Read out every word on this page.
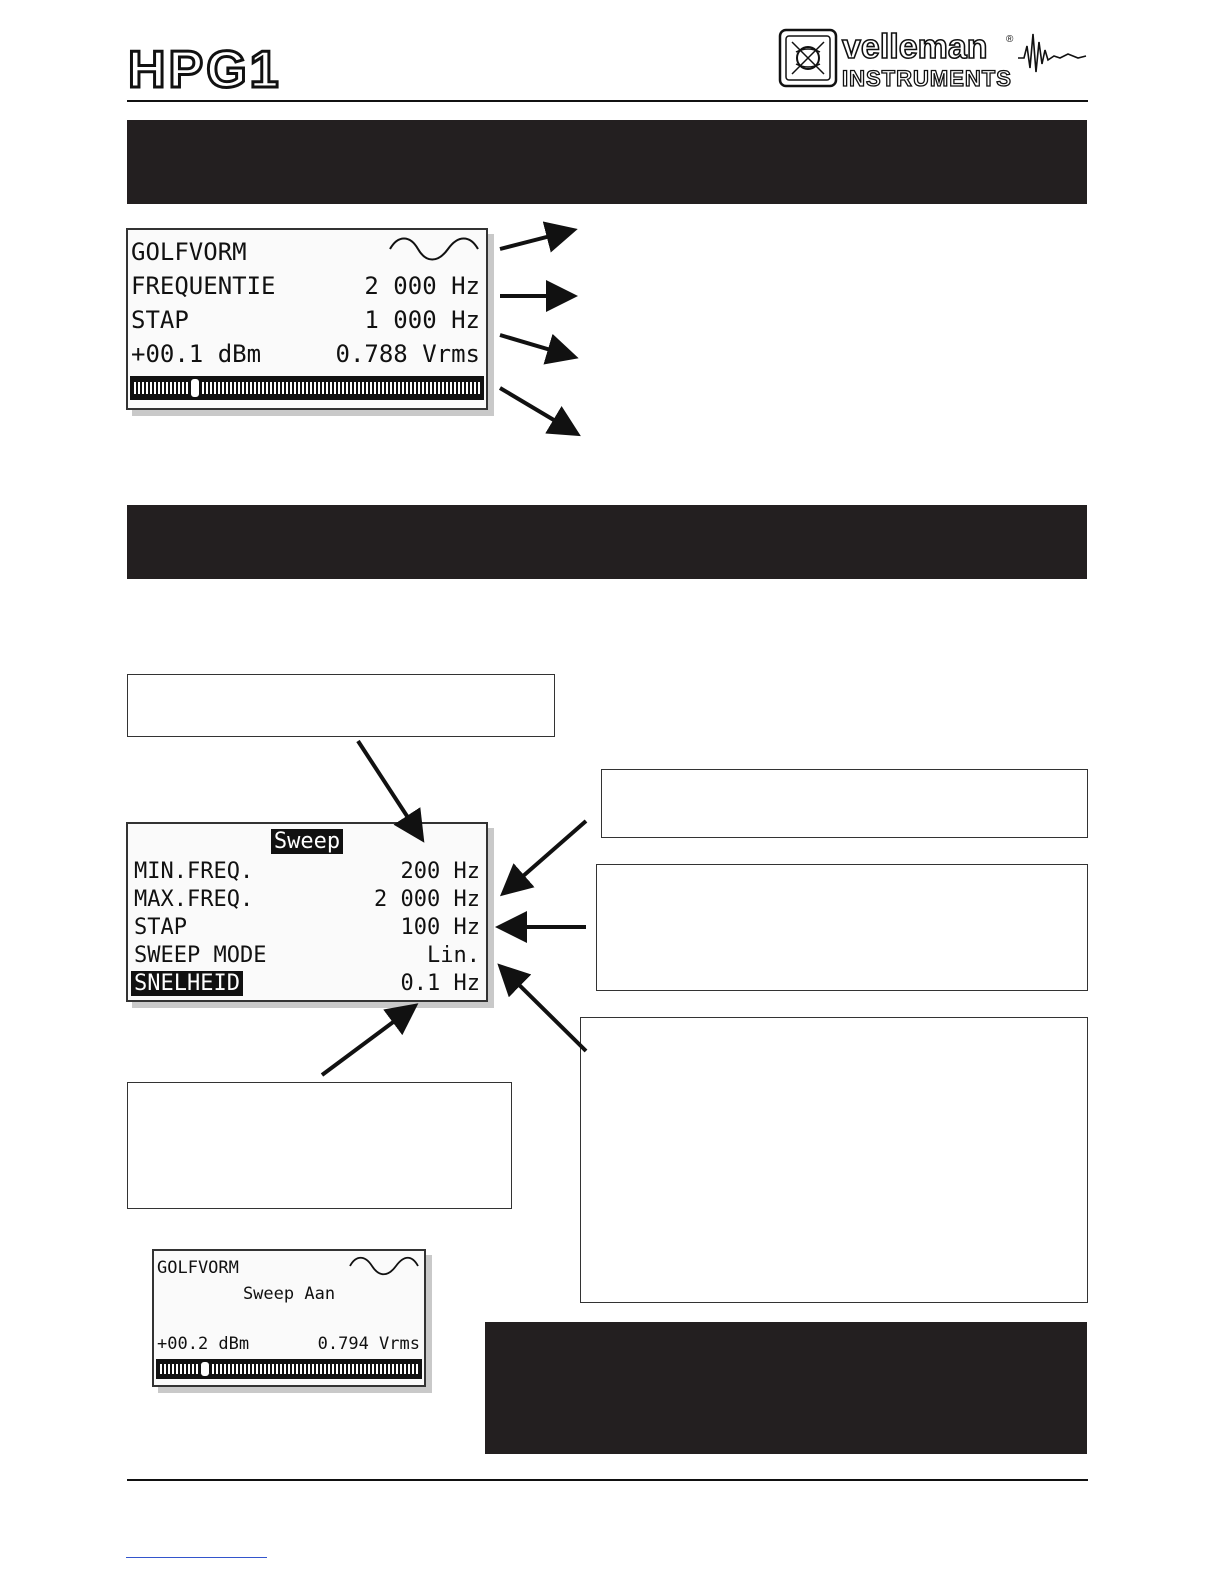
HPG1	velleman ®
INSTRUMENTS
GOLFVORM

FREQUENTIE	2 000 Hz
STAP	1 000 Hz
+00.1 dBm	0.788 Vrms
Sweep
MIN.FREQ.	200 Hz
MAX.FREQ.	2 000 Hz
STAP	100 Hz
SWEEP MODE	Lin.
SNELHEID	0.1 Hz
GOLFVORM

Sweep Aan
+00.2 dBm	0.794 Vrms
